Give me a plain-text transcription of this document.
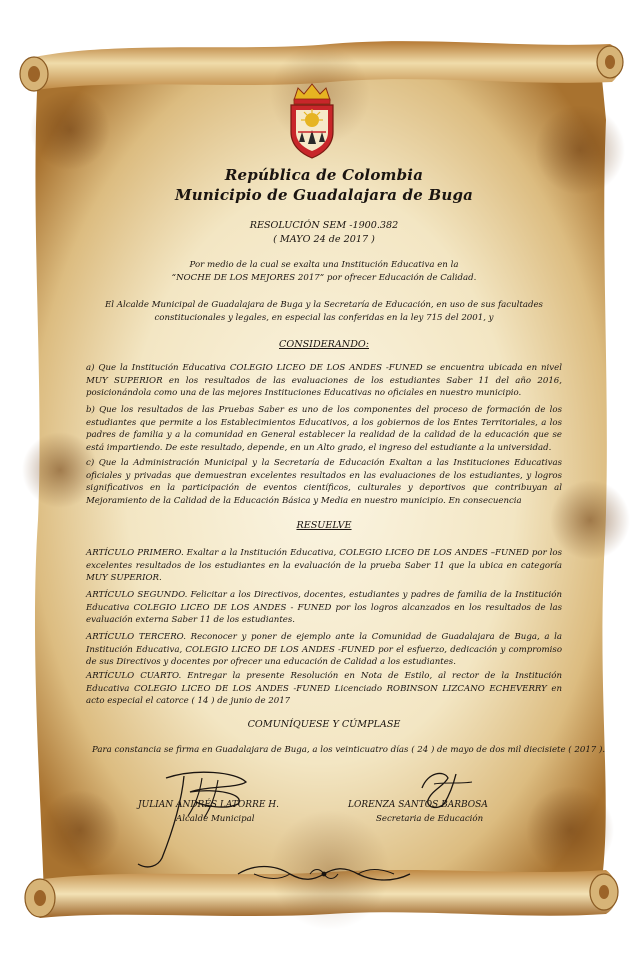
República de Colombia
Municipio de Guadalajara de Buga
RESOLUCIÓN SEM -1900.382
( MAYO 24 de 2017 )
Por medio de la cual se exalta una Institución Educativa en la
“NOCHE DE LOS MEJORES 2017” por ofrecer Educación de Calidad.
El Alcalde Municipal de Guadalajara de Buga y la Secretaría de Educación, en uso de sus facultades
constitucionales y legales, en especial las conferidas en la ley 715 del 2001, y
CONSIDERANDO:
a) Que la Institución Educativa COLEGIO LICEO DE LOS ANDES -FUNED se encuentra ubicada en nivel MUY SUPERIOR en los resultados de las evaluaciones de los estudiantes Saber 11 del año 2016, posicionándola como una de las mejores Instituciones Educativas no oficiales en nuestro municipio.
b) Que los resultados de las Pruebas Saber es uno de los componentes del proceso de formación de los estudiantes que permite a los Establecimientos Educativos, a los gobiernos de los Entes Territoriales, a los padres de familia y a la comunidad en General establecer la realidad de la calidad de la educación que se está impartiendo. De este resultado, depende, en un Alto grado, el ingreso del estudiante a la universidad.
c) Que la Administración Municipal y la Secretaría de Educación Exaltan a las Instituciones Educativas oficiales y privadas que demuestran excelentes resultados en las evaluaciones de los estudiantes, y logros significativos en la participación de eventos científicos, culturales y deportivos que contribuyan al Mejoramiento de la Calidad de la Educación Básica y Media en nuestro municipio. En consecuencia
RESUELVE
ARTÍCULO PRIMERO. Exaltar a la Institución Educativa, COLEGIO LICEO DE LOS ANDES –FUNED por los excelentes resultados de los estudiantes en la evaluación de la prueba Saber 11 que la ubica en categoría MUY SUPERIOR.
ARTÍCULO SEGUNDO. Felicitar a los Directivos, docentes, estudiantes y padres de familia de la Institución Educativa COLEGIO LICEO DE LOS ANDES - FUNED por los logros alcanzados en los resultados de las evaluación externa Saber 11 de los estudiantes.
ARTÍCULO TERCERO. Reconocer y poner de ejemplo ante la Comunidad de Guadalajara de Buga, a la Institución Educativa, COLEGIO LICEO DE LOS ANDES -FUNED por el esfuerzo, dedicación y compromiso de sus Directivos y docentes por ofrecer una educación de Calidad a los estudiantes.
ARTÍCULO CUARTO. Entregar la presente Resolución en Nota de Estilo, al rector de la Institución Educativa COLEGIO LICEO DE LOS ANDES -FUNED Licenciado ROBINSON LIZCANO ECHEVERRY en acto especial el catorce ( 14 ) de junio de 2017
COMUNÍQUESE Y CÚMPLASE
Para constancia se firma en Guadalajara de Buga, a los veinticuatro días ( 24 ) de mayo de dos mil diecisiete ( 2017 ).
JULIAN ANDRÉS LATORRE H.
Alcalde Municipal
LORENZA SANTOS BARBOSA
Secretaria de Educación
